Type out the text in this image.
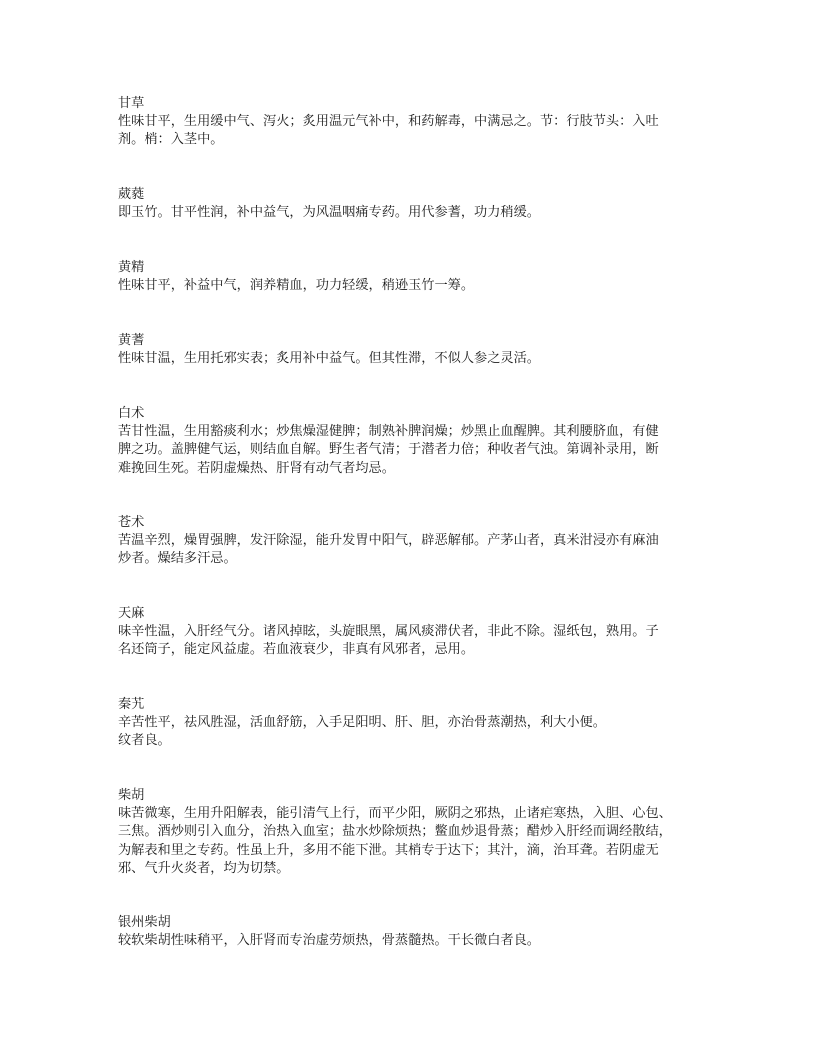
甘草
性味甘平，生用缓中气、泻火；炙用温元气补中，和药解毒，中满忌之。节：行肢节头：入吐
剂。梢：入茎中。
葳蕤
即玉竹。甘平性润，补中益气，为风温咽痛专药。用代参蓍，功力稍缓。
黄精
性味甘平，补益中气，润养精血，功力轻缓，稍逊玉竹一筹。
黄蓍
性味甘温，生用托邪实表；炙用补中益气。但其性滞，不似人参之灵活。
白术
苦甘性温，生用豁痰利水；炒焦燥湿健脾；制熟补脾润燥；炒黑止血醒脾。其利腰脐血，有健
脾之功。盖脾健气运，则结血自解。野生者气清；于潜者力倍；种收者气浊。第调补录用，断
难挽回生死。若阴虚燥热、肝肾有动气者均忌。
苍术
苦温辛烈，燥胃强脾，发汗除湿，能升发胃中阳气，辟恶解郁。产茅山者，真米泔浸亦有麻油
炒者。燥结多汗忌。
天麻
味辛性温，入肝经气分。诸风掉眩，头旋眼黑，属风痰滞伏者，非此不除。湿纸包，熟用。子
名还筒子，能定风益虚。若血液衰少，非真有风邪者，忌用。
秦艽
辛苦性平，祛风胜湿，活血舒筋，入手足阳明、肝、胆，亦治骨蒸潮热，利大小便。
纹者良。
柴胡
味苦微寒，生用升阳解表，能引清气上行，而平少阳，厥阴之邪热，止诸疟寒热，入胆、心包、
三焦。酒炒则引入血分，治热入血室；盐水炒除烦热；鳖血炒退骨蒸；醋炒入肝经而调经散结，
为解表和里之专药。性虽上升，多用不能下泄。其梢专于达下；其汁，滴，治耳聋。若阴虚无
邪、气升火炎者，均为切禁。
银州柴胡
较软柴胡性味稍平，入肝肾而专治虚劳烦热，骨蒸髓热。干长微白者良。
